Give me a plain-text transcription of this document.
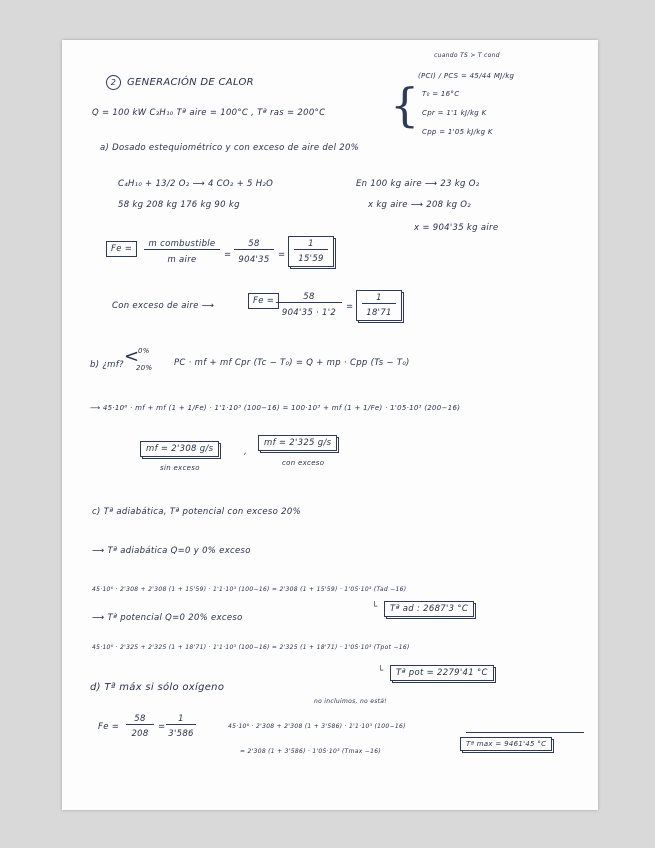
2 GENERACIÓN DE CALOR
cuando TS > T cond
{
(PCI) / PCS = 45/44 MJ/kg
T₀ = 16°C
Cpr = 1'1 kJ/kg K
Cpp = 1'05 kJ/kg K
Q = 100 kW C₃H₁₀ Tª aire = 100°C , Tª ras = 200°C
a) Dosado estequiométrico y con exceso de aire del 20%
C₄H₁₀ + 13/2 O₂ ⟶ 4 CO₂ + 5 H₂O
58 kg 208 kg 176 kg 90 kg
En 100 kg aire ⟶ 23 kg O₂
x kg aire ⟶ 208 kg O₂
x = 904'35 kg aire
Fe =	m combustible
m aire	= $\frac{58}{904'35} = \frac{1}{15'59}$
Con exceso de aire ⟶	$Fe = \frac{58}{904'35 \cdot 1'2} = \frac{1}{18'71}$
b) ¿mf? <
0%
20%	PC · mf + mf Cpr (Tc − T₀) = Q + mp · Cpp (Ts − T₀)
⟶ 45·10⁶ · mf + mf (1 + 1/Fe) · 1'1·10³ (100−16) = 100·10³ + mf (1 + 1/Fe) · 1'05·10³ (200−16)
mf = 2'308 g/s
sin exceso
,
mf = 2'325 g/s
con exceso
c) Tª adiabática, Tª potencial con exceso 20%
⟶ Tª adiabática Q=0 y 0% exceso
45·10⁶ · 2'308 + 2'308 (1 + 15'59) · 1'1·10³ (100−16) = 2'308 (1 + 15'59) · 1'05·10³ (Tad −16)
└	Tª ad : 2687'3 °C
⟶ Tª potencial Q=0 20% exceso
45·10⁶ · 2'325 + 2'325 (1 + 18'71) · 1'1·10³ (100−16) = 2'325 (1 + 18'71) · 1'05·10³ (Tpot −16)
└	Tª pot = 2279'41 °C
d) Tª máx si sólo oxígeno
no incluimos, no está!
$Fe = \frac{58}{208} = \frac{1}{3'586}$	45·10⁶ · 2'308 + 2'308 (1 + 3'586) · 1'1·10³ (100−16)
= 2'308 (1 + 3'586) · 1'05·10³ (Tmax −16)
Tª max = 9461'45 °C
